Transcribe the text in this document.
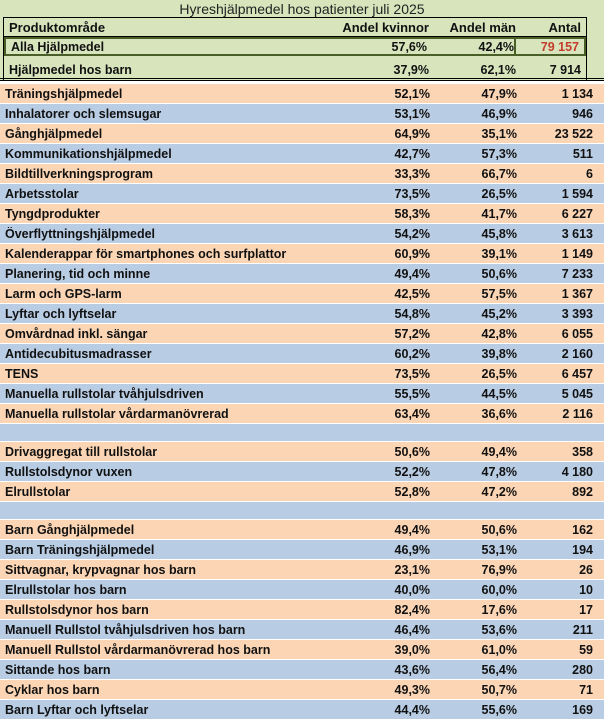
Hyreshjälpmedel hos patienter juli 2025
Produktområde	Andel kvinnor	Andel män	Antal
Alla Hjälpmedel	57,6%	42,4%	79 157
Hjälpmedel hos barn	37,9%	62,1%	7 914
Träningshjälpmedel	52,1%	47,9%	1 134
Inhalatorer och slemsugar	53,1%	46,9%	946
Gånghjälpmedel	64,9%	35,1%	23 522
Kommunikationshjälpmedel	42,7%	57,3%	511
Bildtillverkningsprogram	33,3%	66,7%	6
Arbetsstolar	73,5%	26,5%	1 594
Tyngdprodukter	58,3%	41,7%	6 227
Överflyttningshjälpmedel	54,2%	45,8%	3 613
Kalenderappar för smartphones och surfplattor	60,9%	39,1%	1 149
Planering, tid och minne	49,4%	50,6%	7 233
Larm och GPS-larm	42,5%	57,5%	1 367
Lyftar och lyftselar	54,8%	45,2%	3 393
Omvårdnad inkl. sängar	57,2%	42,8%	6 055
Antidecubitusmadrasser	60,2%	39,8%	2 160
TENS	73,5%	26,5%	6 457
Manuella rullstolar tvåhjulsdriven	55,5%	44,5%	5 045
Manuella rullstolar vårdarmanövrerad	63,4%	36,6%	2 116
Drivaggregat till rullstolar	50,6%	49,4%	358
Rullstolsdynor vuxen	52,2%	47,8%	4 180
Elrullstolar	52,8%	47,2%	892
Barn Gånghjälpmedel	49,4%	50,6%	162
Barn Träningshjälpmedel	46,9%	53,1%	194
Sittvagnar, krypvagnar hos barn	23,1%	76,9%	26
Elrullstolar hos barn	40,0%	60,0%	10
Rullstolsdynor hos barn	82,4%	17,6%	17
Manuell Rullstol tvåhjulsdriven hos barn	46,4%	53,6%	211
Manuell Rullstol vårdarmanövrerad hos barn	39,0%	61,0%	59
Sittande hos barn	43,6%	56,4%	280
Cyklar hos barn	49,3%	50,7%	71
Barn Lyftar och lyftselar	44,4%	55,6%	169
